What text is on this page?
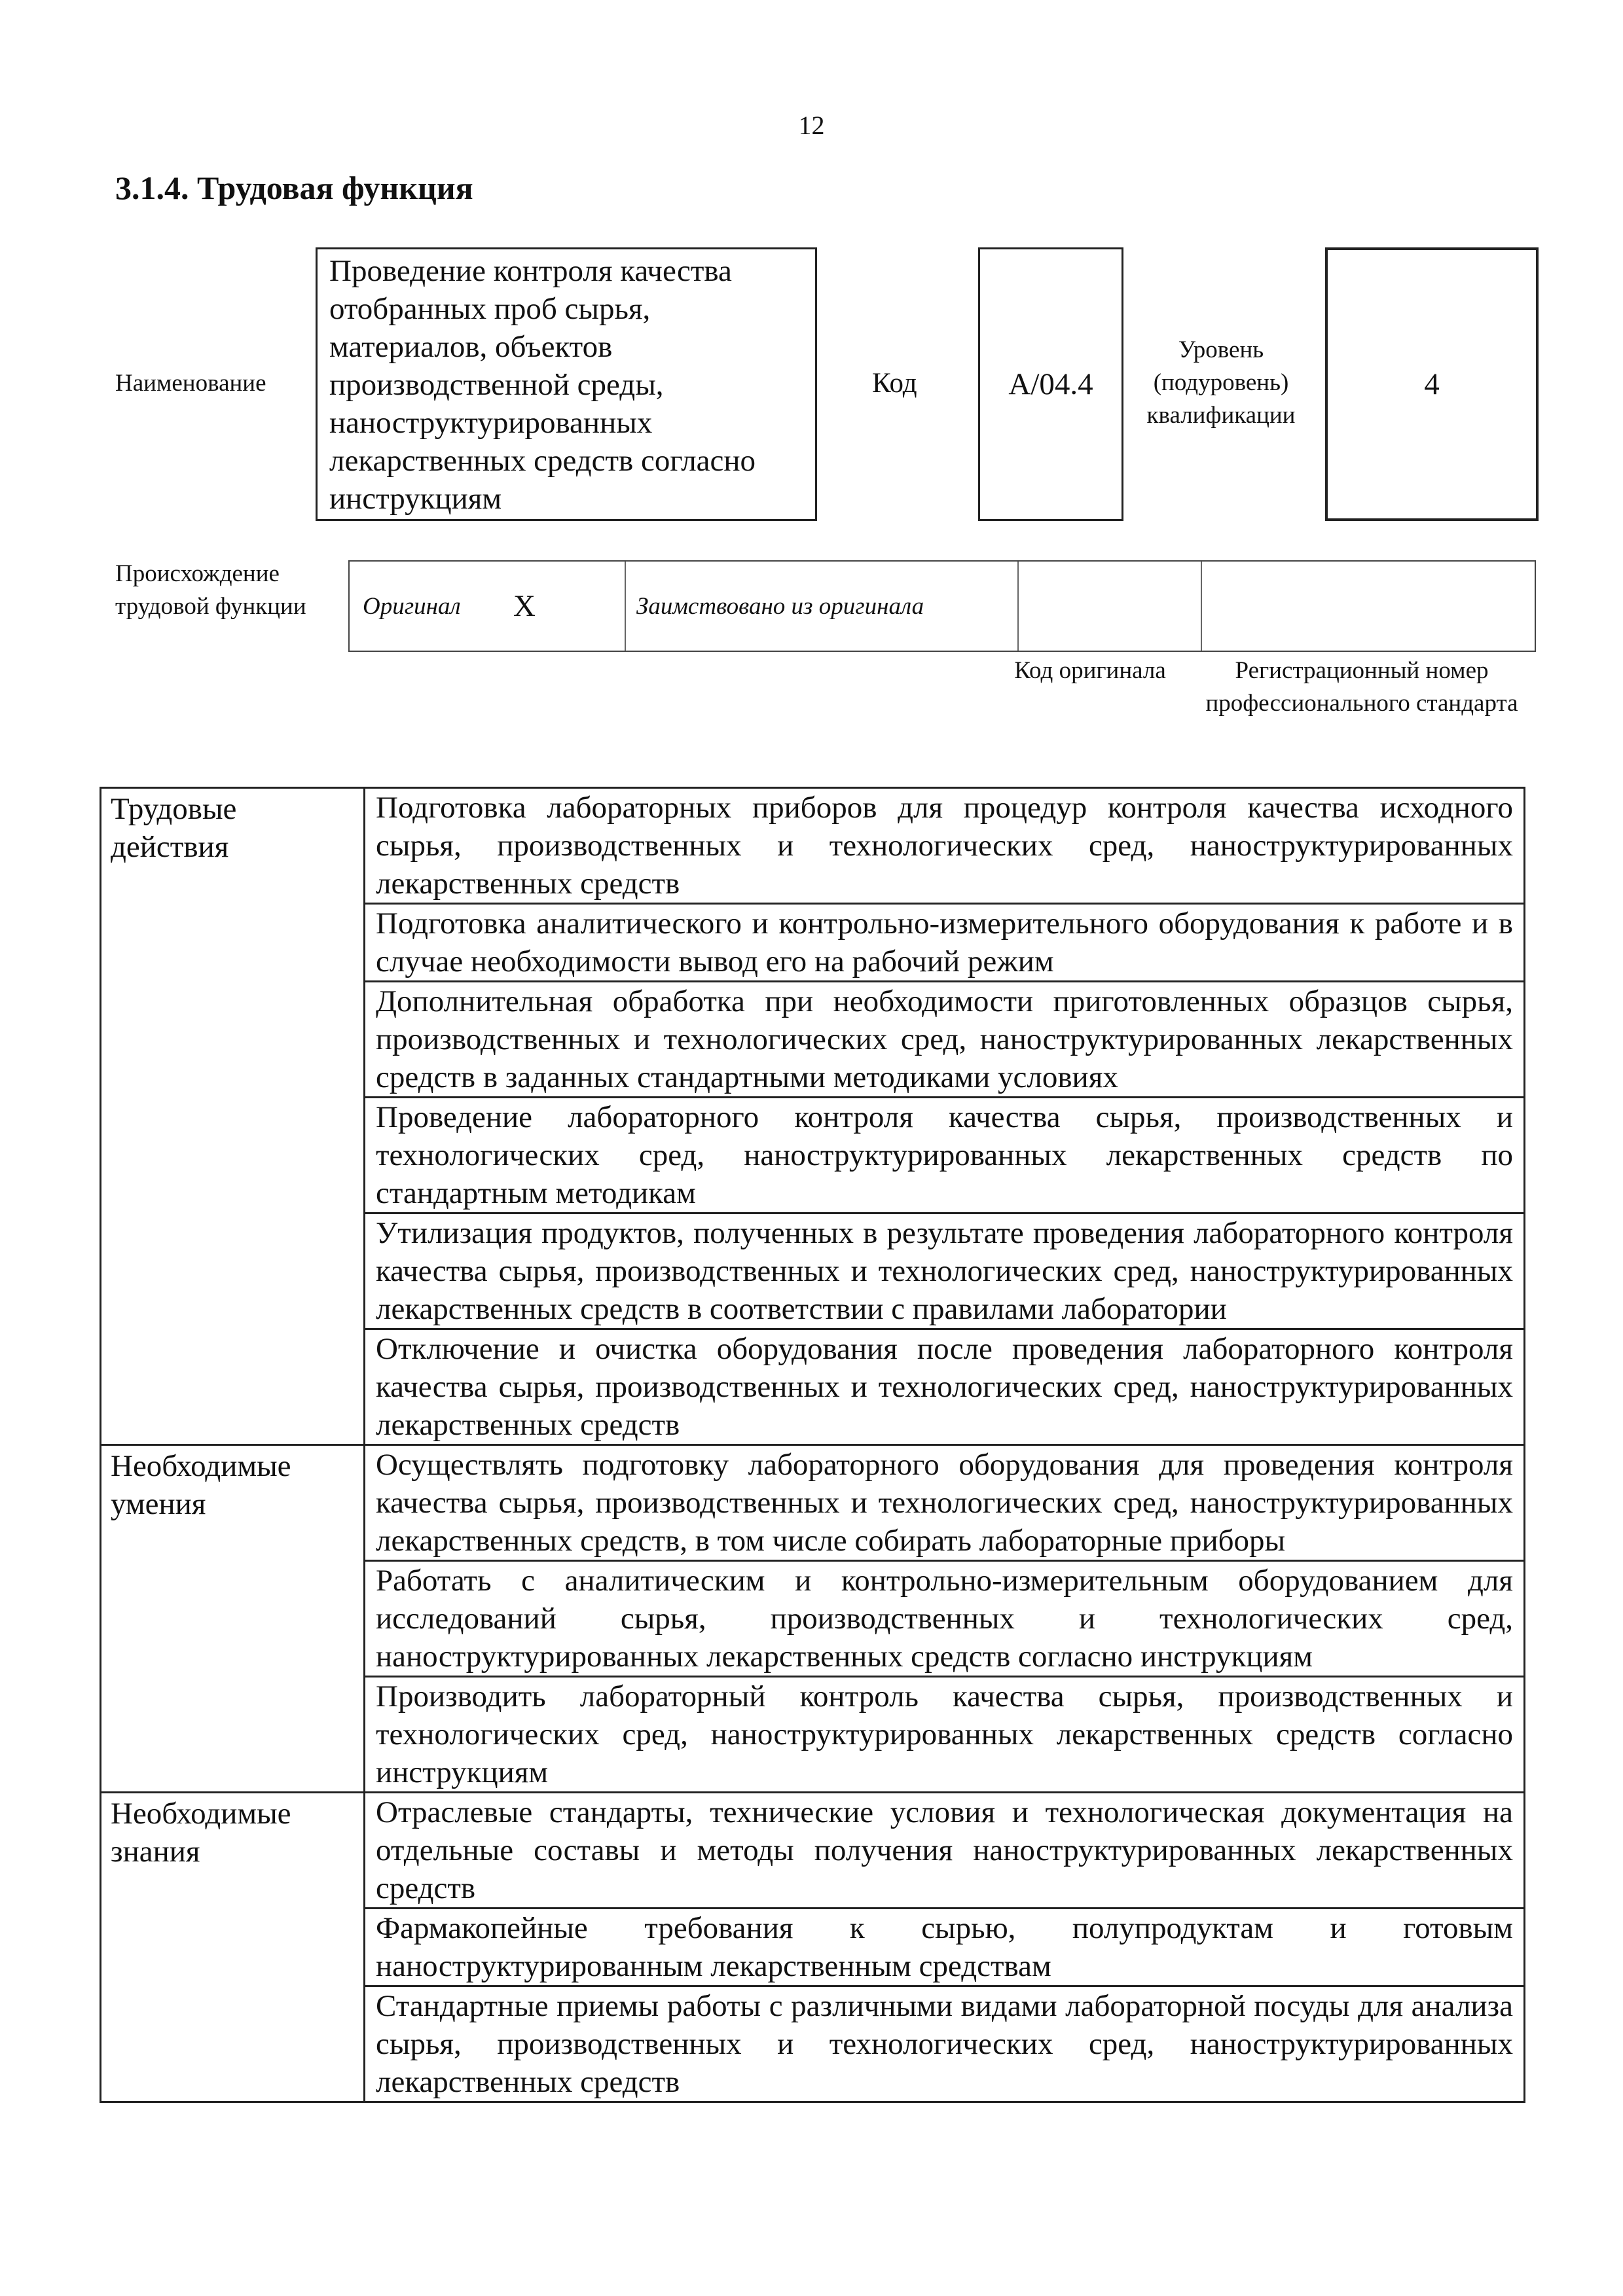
12
3.1.4. Трудовая функция
Наименование
Проведение контроля качества отобранных проб сырья, материалов, объектов производственной среды, наноструктурированных лекарственных средств согласно инструкциям
Код	A/04.4
Уровень (подуровень) квалификации
4
Происхождение трудовой функции	Оригинал	X	Заимствовано из оригинала
Код оригинала	Регистрационный номер профессионального стандарта
Трудовые действия	Подготовка лабораторных приборов для процедур контроля качества исходного сырья, производственных и технологических сред, наноструктурированных лекарственных средств
	Подготовка аналитического и контрольно-измерительного оборудования к работе и в случае необходимости вывод его на рабочий режим
	Дополнительная обработка при необходимости приготовленных образцов сырья, производственных и технологических сред, наноструктурированных лекарственных средств в заданных стандартными методиками условиях
	Проведение лабораторного контроля качества сырья, производственных и технологических сред, наноструктурированных лекарственных средств по стандартным методикам
	Утилизация продуктов, полученных в результате проведения лабораторного контроля качества сырья, производственных и технологических сред, наноструктурированных лекарственных средств в соответствии с правилами лаборатории
	Отключение и очистка оборудования после проведения лабораторного контроля качества сырья, производственных и технологических сред, наноструктурированных лекарственных средств
Необходимые умения	Осуществлять подготовку лабораторного оборудования для проведения контроля качества сырья, производственных и технологических сред, наноструктурированных лекарственных средств, в том числе собирать лабораторные приборы
	Работать с аналитическим и контрольно-измерительным оборудованием для исследований сырья, производственных и технологических сред, наноструктурированных лекарственных средств согласно инструкциям
	Производить лабораторный контроль качества сырья, производственных и технологических сред, наноструктурированных лекарственных средств согласно инструкциям
Необходимые знания	Отраслевые стандарты, технические условия и технологическая документация на отдельные составы и методы получения наноструктурированных лекарственных средств
	Фармакопейные требования к сырью, полупродуктам и готовым наноструктурированным лекарственным средствам
	Стандартные приемы работы с различными видами лабораторной посуды для анализа сырья, производственных и технологических сред, наноструктурированных лекарственных средств
